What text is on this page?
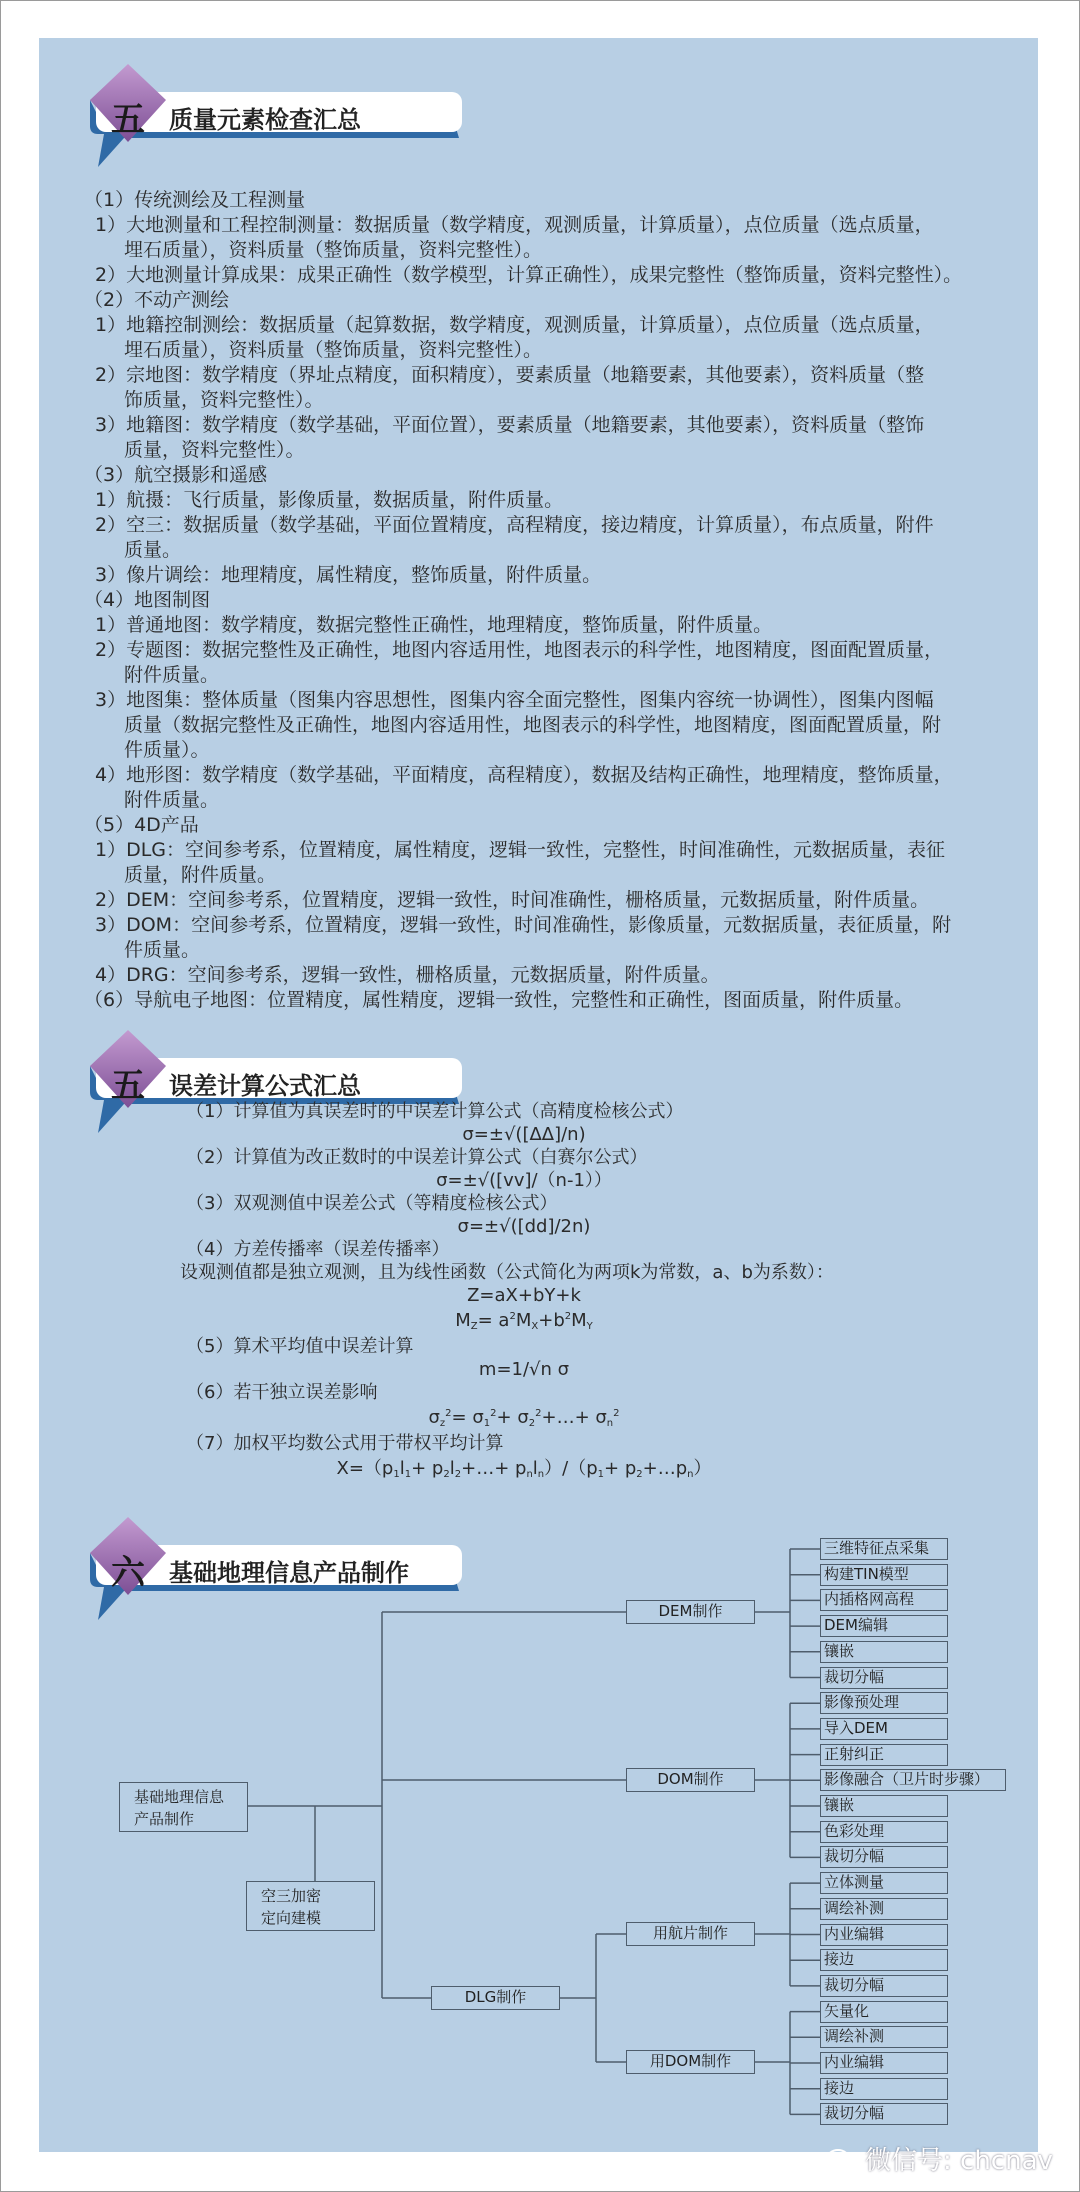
五	质量元素检查汇总
（1）传统测绘及工程测量
1）大地测量和工程控制测量：数据质量（数学精度，观测质量，计算质量），点位质量（选点质量，
埋石质量），资料质量（整饰质量，资料完整性）。
2）大地测量计算成果：成果正确性（数学模型，计算正确性），成果完整性（整饰质量，资料完整性）。
（2）不动产测绘
1）地籍控制测绘：数据质量（起算数据，数学精度，观测质量，计算质量），点位质量（选点质量，
埋石质量），资料质量（整饰质量，资料完整性）。
2）宗地图：数学精度（界址点精度，面积精度），要素质量（地籍要素，其他要素），资料质量（整
饰质量，资料完整性）。
3）地籍图：数学精度（数学基础，平面位置），要素质量（地籍要素，其他要素），资料质量（整饰
质量，资料完整性）。
（3）航空摄影和遥感
1）航摄：飞行质量，影像质量，数据质量，附件质量。
2）空三：数据质量（数学基础，平面位置精度，高程精度，接边精度，计算质量），布点质量，附件
质量。
3）像片调绘：地理精度，属性精度，整饰质量，附件质量。
（4）地图制图
1）普通地图：数学精度，数据完整性正确性，地理精度，整饰质量，附件质量。
2）专题图：数据完整性及正确性，地图内容适用性，地图表示的科学性，地图精度，图面配置质量，
附件质量。
3）地图集：整体质量（图集内容思想性，图集内容全面完整性，图集内容统一协调性），图集内图幅
质量（数据完整性及正确性，地图内容适用性，地图表示的科学性，地图精度，图面配置质量，附
件质量）。
4）地形图：数学精度（数学基础，平面精度，高程精度），数据及结构正确性，地理精度，整饰质量，
附件质量。
（5）4D产品
1）DLG：空间参考系，位置精度，属性精度，逻辑一致性，完整性，时间准确性，元数据质量，表征
质量，附件质量。
2）DEM：空间参考系，位置精度，逻辑一致性，时间准确性，栅格质量，元数据质量，附件质量。
3）DOM：空间参考系，位置精度，逻辑一致性，时间准确性，影像质量，元数据质量，表征质量，附
件质量。
4）DRG：空间参考系，逻辑一致性，栅格质量，元数据质量，附件质量。
（6）导航电子地图：位置精度，属性精度，逻辑一致性，完整性和正确性，图面质量，附件质量。
五	误差计算公式汇总
（1）计算值为真误差时的中误差计算公式（高精度检核公式）
σ=±√([ΔΔ]/n)
（2）计算值为改正数时的中误差计算公式（白赛尔公式）
σ=±√([vv]/（n-1））
（3）双观测值中误差公式（等精度检核公式）
σ=±√([dd]/2n)
（4）方差传播率（误差传播率）
设观测值都是独立观测，且为线性函数（公式简化为两项k为常数，a、b为系数）：
Z=aX+bY+k
$M_Z= a^2M_X+b^2M_Y$
（5）算术平均值中误差计算
m=1/√n σ
（6）若干独立误差影响
$\sigma_z^2= \sigma_1^2+$ $\sigma_2^2+\dots+ \sigma_n^2$
（7）加权平均数公式用于带权平均计算
$X=(p_1l_1+$ $p_2l_2+\dots+ p_nl_n)/(p_1+$ $p_2+\dots p_n$）
六	基础地理信息产品制作
基础地理信息
产品制作
空三加密
定向建模
DEM制作
DOM制作
DLG制作
用航片制作
用DOM制作
三维特征点采集
构建TIN模型
内插格网高程
DEM编辑
镶嵌
裁切分幅
影像预处理
导入DEM
正射纠正
影像融合（卫片时步骤）
镶嵌
色彩处理
裁切分幅
立体测量
调绘补测
内业编辑
接边
裁切分幅
矢量化
调绘补测
内业编辑
接边
裁切分幅
微信号: chcnav
